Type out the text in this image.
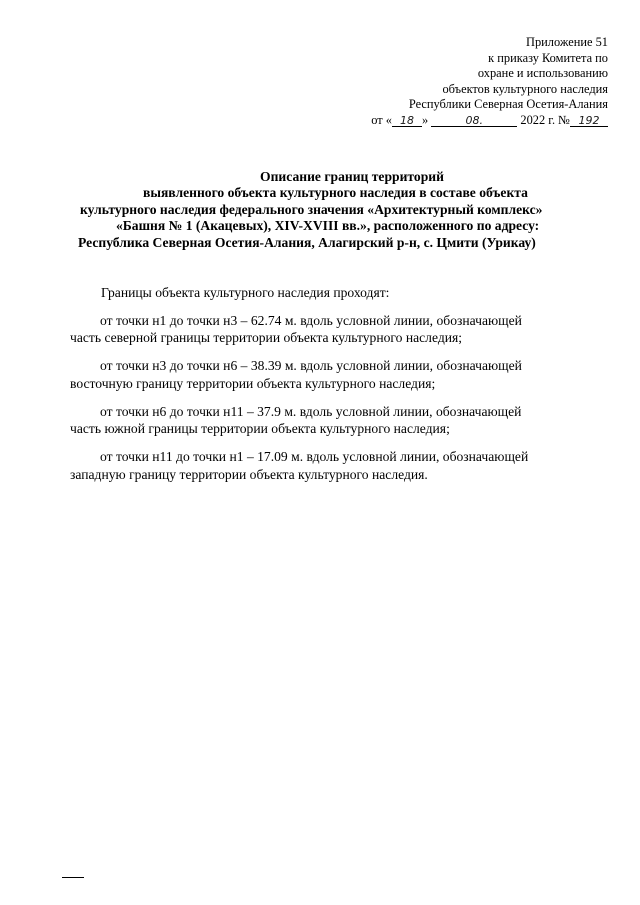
Приложение 51
к приказу Комитета по
охране и использованию
объектов культурного наследия
Республики Северная Осетия-Алания
от « 18 »	08.	2022 г. № 192
Описание границ территорий
выявленного объекта культурного наследия в составе объекта
культурного наследия федерального значения «Архитектурный комплекс»
«Башня № 1 (Акацевых), XIV-XVIII вв.», расположенного по адресу:
Республика Северная Осетия-Алания, Алагирский р-н, с. Цмити (Урикау)

Границы объекта культурного наследия проходят:

от точки н1 до точки н3 – 62.74 м. вдоль условной линии, обозначающей
часть северной границы территории объекта культурного наследия;
от точки н3 до точки н6 – 38.39 м. вдоль условной линии, обозначающей
восточную границу территории объекта культурного наследия;
от точки н6 до точки н11 – 37.9 м. вдоль условной линии, обозначающей
часть южной границы территории объекта культурного наследия;
от точки н11 до точки н1 – 17.09 м. вдоль условной линии, обозначающей
западную границу территории объекта культурного наследия.
